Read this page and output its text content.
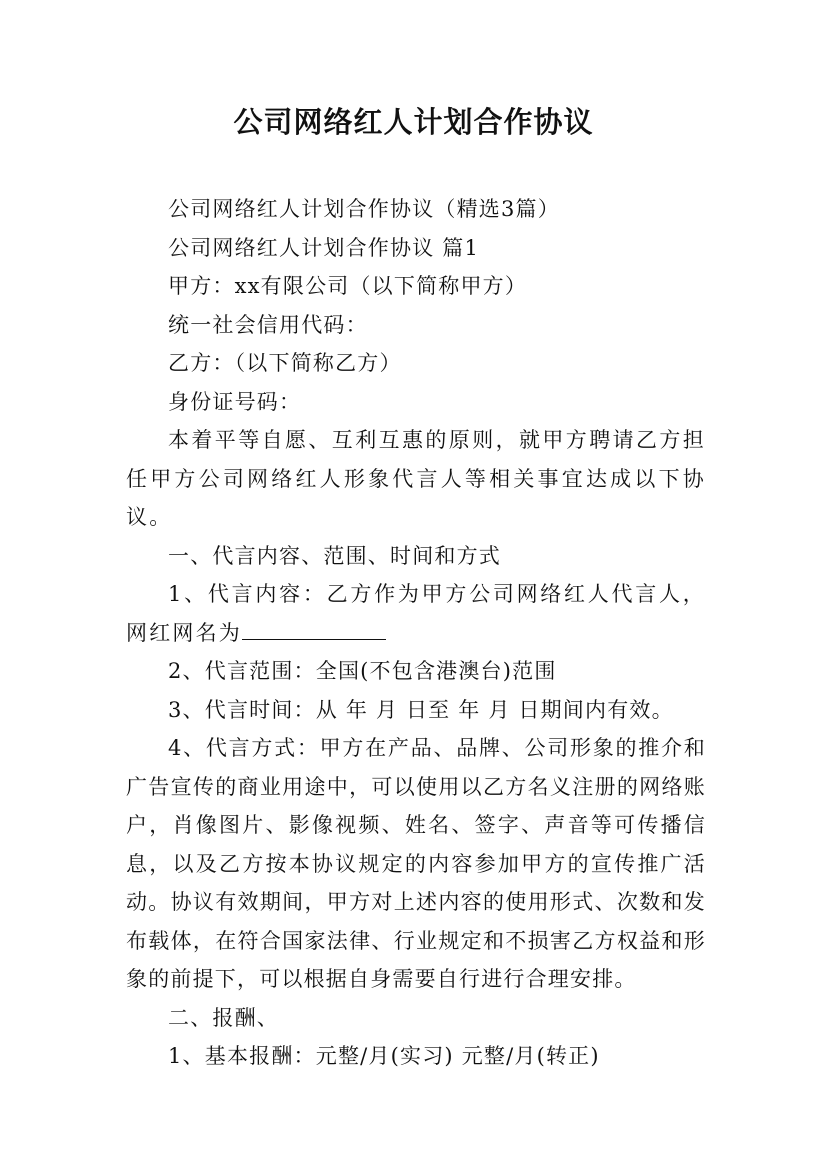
公司网络红人计划合作协议

公司网络红人计划合作协议（精选3篇）

公司网络红人计划合作协议 篇1

甲方：xx有限公司（以下简称甲方）

统一社会信用代码：

乙方：（以下简称乙方）

身份证号码：

本着平等自愿、互利互惠的原则，就甲方聘请乙方担任甲方公司网络红人形象代言人等相关事宜达成以下协议。

一、代言内容、范围、时间和方式

1、代言内容：乙方作为甲方公司网络红人代言人，网红网名为

2、代言范围：全国(不包含港澳台)范围

3、代言时间：从 年 月 日至 年 月 日期间内有效。

4、代言方式：甲方在产品、品牌、公司形象的推介和广告宣传的商业用途中，可以使用以乙方名义注册的网络账户，肖像图片、影像视频、姓名、签字、声音等可传播信息，以及乙方按本协议规定的内容参加甲方的宣传推广活动。协议有效期间，甲方对上述内容的使用形式、次数和发布载体，在符合国家法律、行业规定和不损害乙方权益和形象的前提下，可以根据自身需要自行进行合理安排。

二、报酬、

1、基本报酬：元整/月(实习) 元整/月(转正)
